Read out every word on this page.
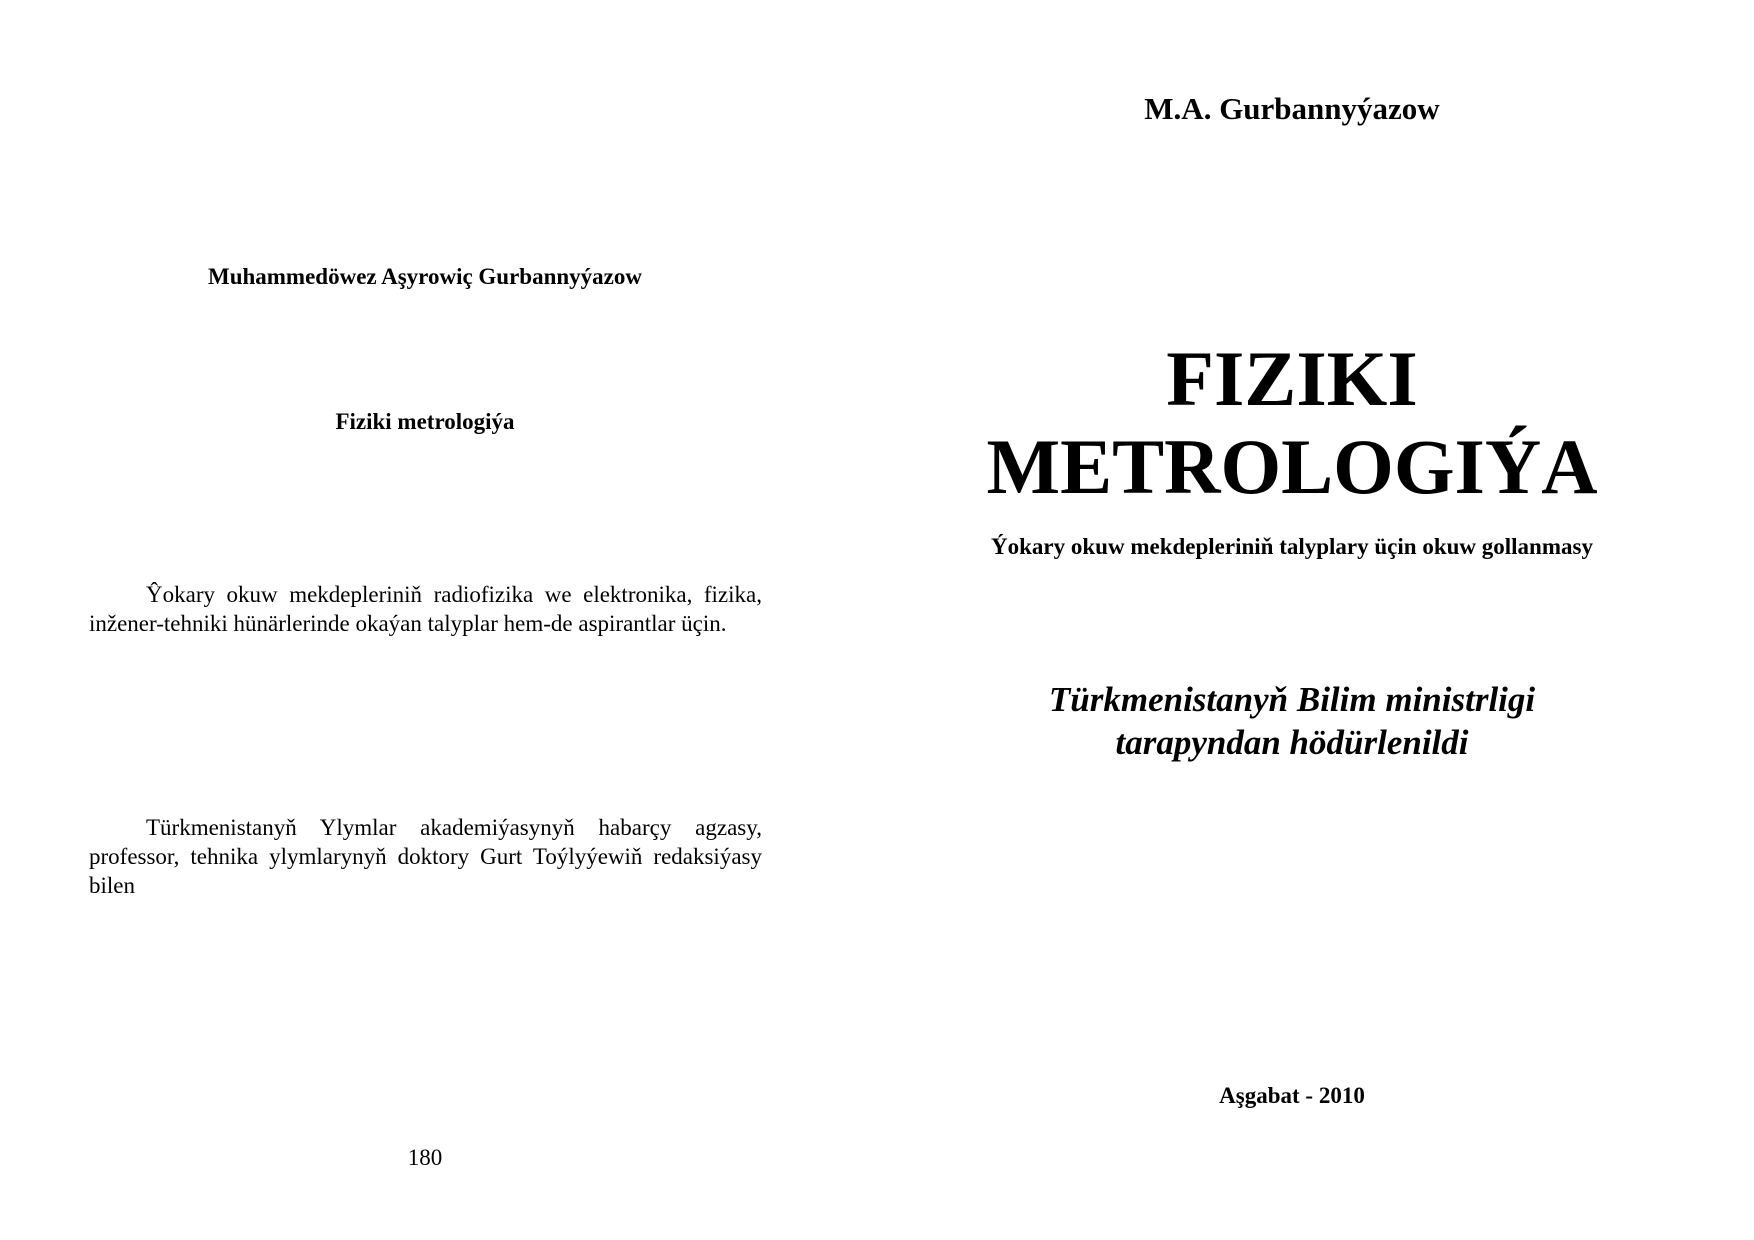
Muhammedöwez Aşyrowiç Gurbannyýazow
Fiziki metrologiýa

Ŷokary okuw mekdepleriniň radiofizika we elektronika, fizika, inžener-tehniki hünärlerinde okaýan talyplar hem-de aspirantlar üçin.

Türkmenistanyň Ylymlar akademiýasynyň habarçy agzasy, professor, tehnika ylymlarynyň doktory Gurt Toýlyýewiň redaksiýasy bilen

180
M.A. Gurbannyýazow
FIZIKI
METROLOGIÝA
Ýokary okuw mekdepleriniň talyplary üçin okuw gollanmasy
Türkmenistanyň Bilim ministrligi
tarapyndan hödürlenildi
Aşgabat - 2010
